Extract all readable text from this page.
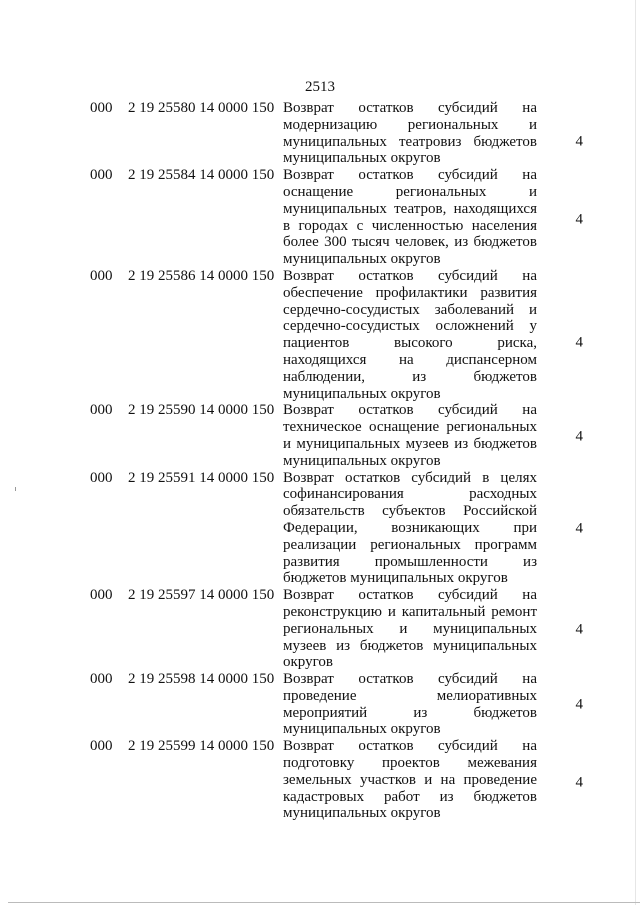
2513
000 2 19 25580 14 0000 150 Возврат остатков субсидий на модернизацию региональных и муниципальных театровиз бюджетов муниципальных округов
4
000 2 19 25584 14 0000 150 Возврат остатков субсидий на оснащение региональных и муниципальных театров, находящихся в городах с численностью населения более 300 тысяч человек, из бюджетов муниципальных округов
4
000 2 19 25586 14 0000 150 Возврат остатков субсидий на обеспечение профилактики развития сердечно-сосудистых заболеваний и сердечно-сосудистых осложнений у пациентов высокого риска, находящихся на диспансерном наблюдении, из бюджетов муниципальных округов
4
000 2 19 25590 14 0000 150 Возврат остатков субсидий на техническое оснащение региональных и муниципальных музеев из бюджетов муниципальных округов
4
000 2 19 25591 14 0000 150 Возврат остатков субсидий в целях софинансирования расходных обязательств субъектов Российской Федерации, возникающих при реализации региональных программ развития промышленности из бюджетов муниципальных округов
4
000 2 19 25597 14 0000 150 Возврат остатков субсидий на реконструкцию и капитальный ремонт региональных и муниципальных музеев из бюджетов муниципальных округов
4
000 2 19 25598 14 0000 150 Возврат остатков субсидий на проведение мелиоративных мероприятий из бюджетов муниципальных округов
4
000 2 19 25599 14 0000 150 Возврат остатков субсидий на подготовку проектов межевания земельных участков и на проведение кадастровых работ из бюджетов муниципальных округов
4
